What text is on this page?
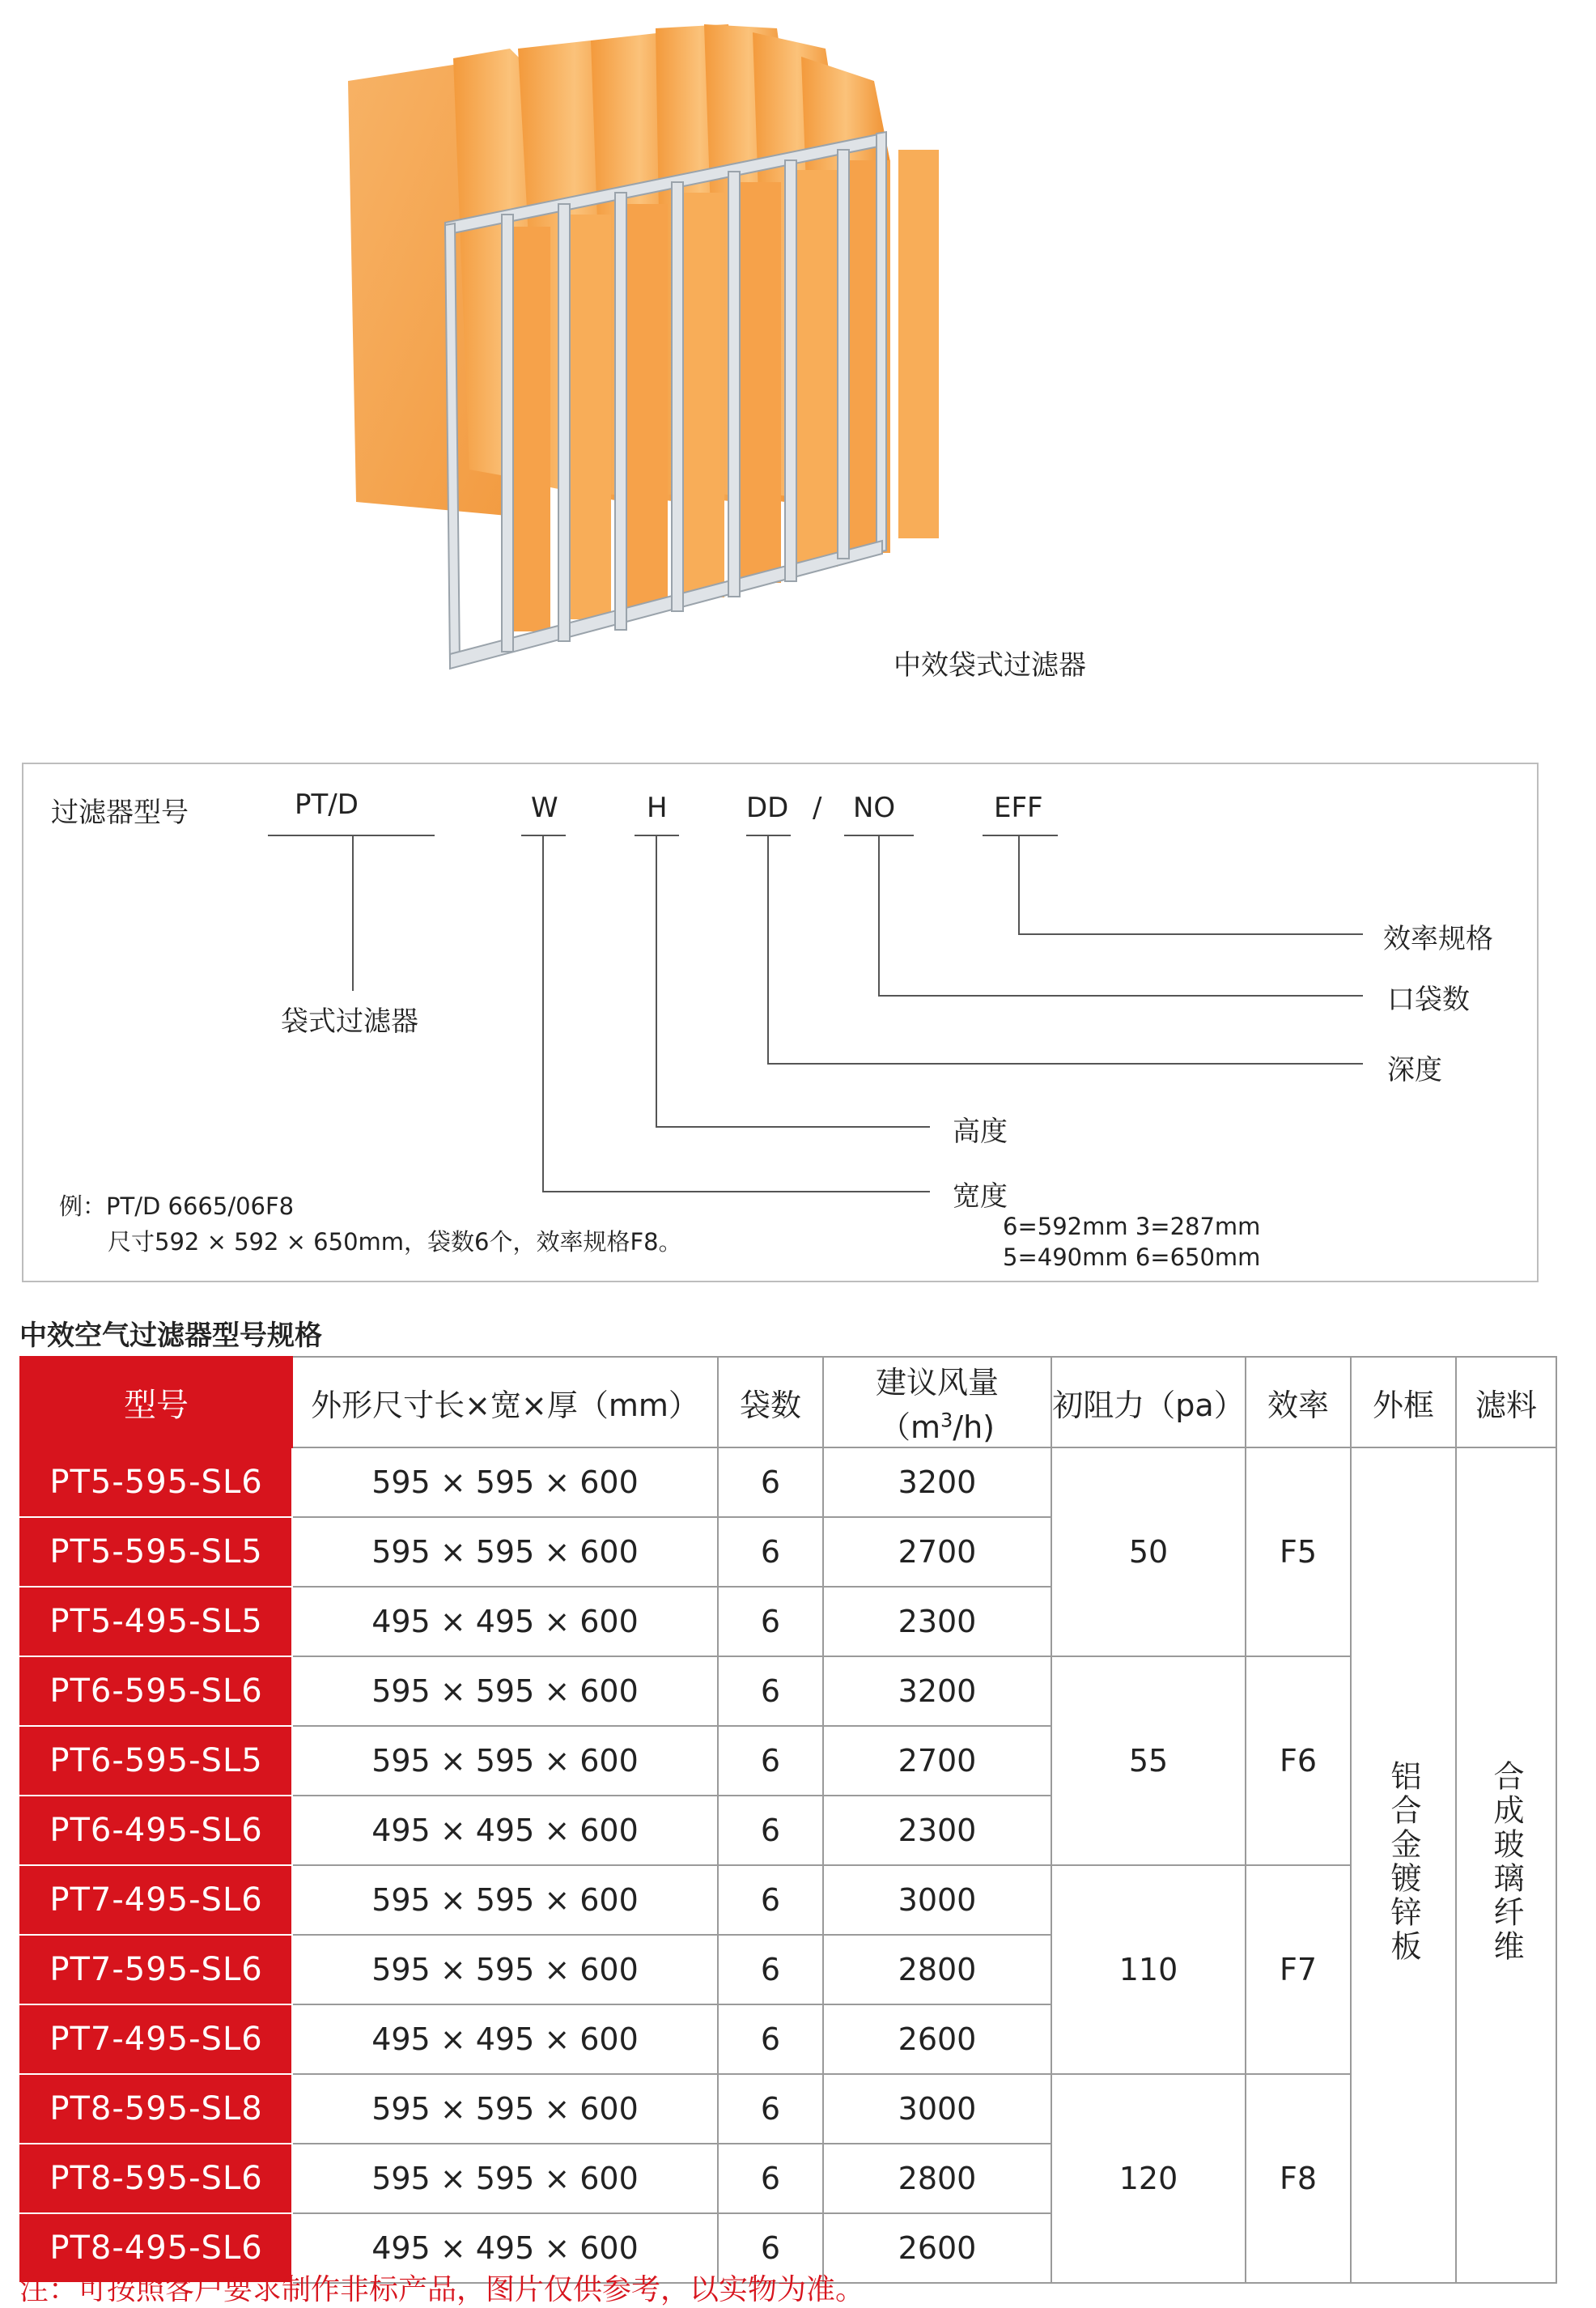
中效袋式过滤器
过滤器型号	PT/D	W	H	DD / NO	EFF
袋式过滤器
效率规格
口袋数
深度
高度
宽度
6=592mm 3=287mm
5=490mm 6=650mm
例：PT/D 6665/06F8
尺寸592 × 592 × 650mm，袋数6个，效率规格F8。
中效空气过滤器型号规格
型号	外形尺寸长×宽×厚（mm）	袋数	建议风量$(m^3/h)$	初阻力（pa）	效率	外框	滤料
PT5-595-SL6	595 × 595 × 600	6	3200	50	F5	铝合金镀锌板	合成玻璃纤维
PT5-595-SL5	595 × 595 × 600	6	2700				
PT5-495-SL5	495 × 495 × 600	6	2300				
PT6-595-SL6	595 × 595 × 600	6	3200	55	F6		
PT6-595-SL5	595 × 595 × 600	6	2700				
PT6-495-SL6	495 × 495 × 600	6	2300				
PT7-495-SL6	595 × 595 × 600	6	3000	110	F7		
PT7-595-SL6	595 × 595 × 600	6	2800				
PT7-495-SL6	495 × 495 × 600	6	2600				
PT8-595-SL8	595 × 595 × 600	6	3000	120	F8		
PT8-595-SL6	595 × 595 × 600	6	2800				
PT8-495-SL6	495 × 495 × 600	6	2600				
注：可按照客户要求制作非标产品，图片仅供参考，以实物为准。
